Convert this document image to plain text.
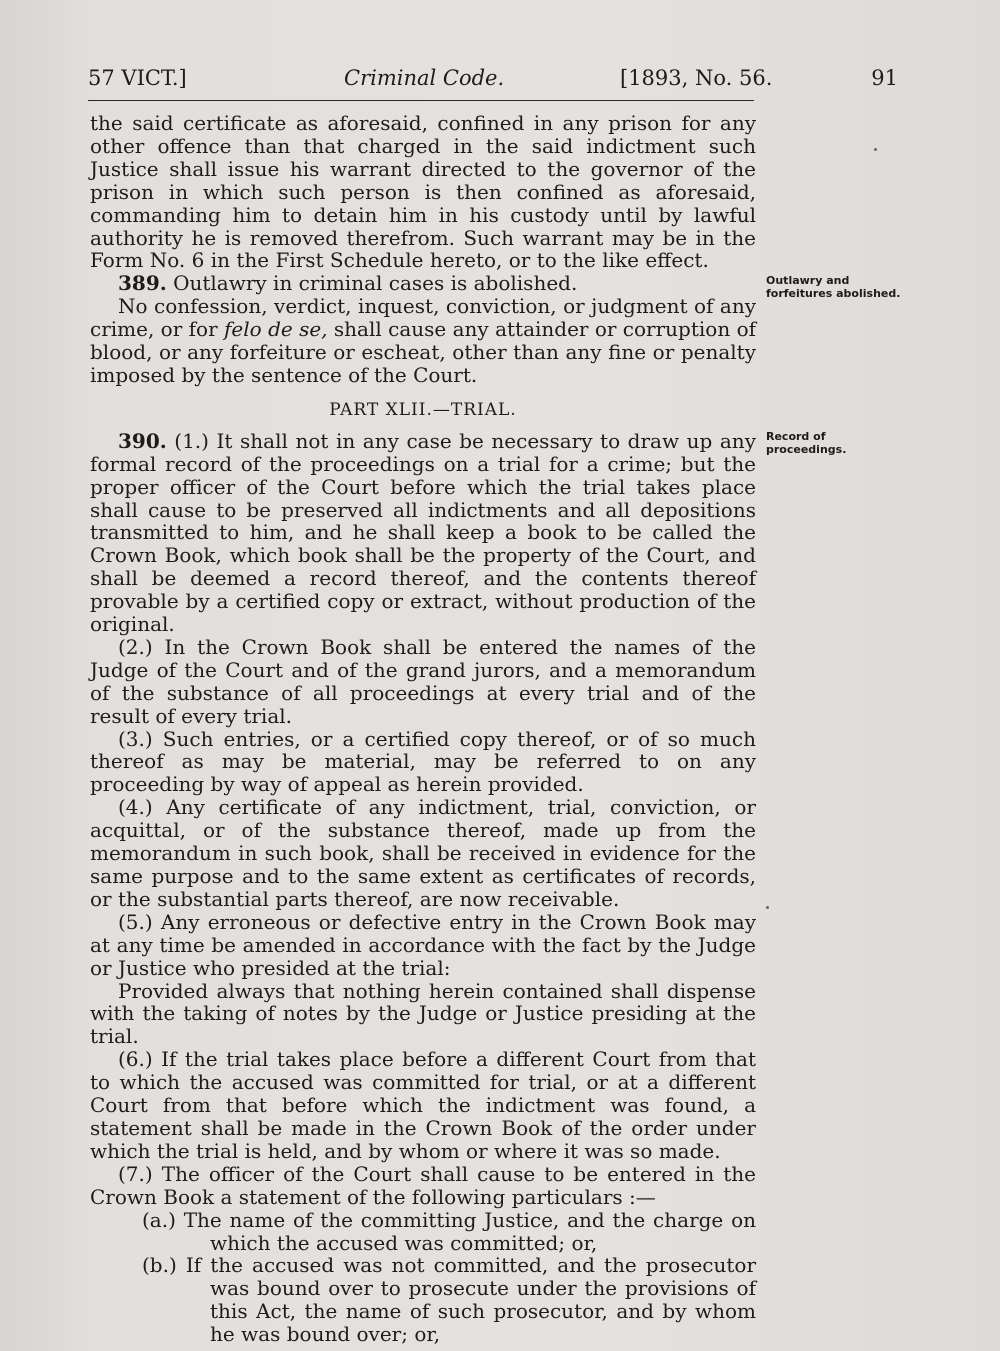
57 VICT.]	Criminal Code.	[1893, No. 56.	91

the said certificate as aforesaid, confined in any prison for any other offence than that charged in the said indictment such Justice shall issue his warrant directed to the governor of the prison in which such person is then confined as aforesaid, commanding him to detain him in his custody until by lawful authority he is removed therefrom. Such warrant may be in the Form No. 6 in the First Schedule hereto, or to the like effect.

389. Outlawry in criminal cases is abolished.

No confession, verdict, inquest, conviction, or judgment of any crime, or for felo de se, shall cause any attainder or corruption of blood, or any forfeiture or escheat, other than any fine or penalty imposed by the sentence of the Court.

PART XLII.—TRIAL.

390. (1.) It shall not in any case be necessary to draw up any formal record of the proceedings on a trial for a crime; but the proper officer of the Court before which the trial takes place shall cause to be preserved all indictments and all depositions transmitted to him, and he shall keep a book to be called the Crown Book, which book shall be the property of the Court, and shall be deemed a record thereof, and the contents thereof provable by a certified copy or extract, without production of the original.

(2.) In the Crown Book shall be entered the names of the Judge of the Court and of the grand jurors, and a memorandum of the substance of all proceedings at every trial and of the result of every trial.

(3.) Such entries, or a certified copy thereof, or of so much thereof as may be material, may be referred to on any proceeding by way of appeal as herein provided.

(4.) Any certificate of any indictment, trial, conviction, or acquittal, or of the substance thereof, made up from the memorandum in such book, shall be received in evidence for the same purpose and to the same extent as certificates of records, or the substantial parts thereof, are now receivable.

(5.) Any erroneous or defective entry in the Crown Book may at any time be amended in accordance with the fact by the Judge or Justice who presided at the trial:

Provided always that nothing herein contained shall dispense with the taking of notes by the Judge or Justice presiding at the trial.

(6.) If the trial takes place before a different Court from that to which the accused was committed for trial, or at a different Court from that before which the indictment was found, a statement shall be made in the Crown Book of the order under which the trial is held, and by whom or where it was so made.

(7.) The officer of the Court shall cause to be entered in the Crown Book a statement of the following particulars :—

(a.) The name of the committing Justice, and the charge on which the accused was committed; or,

(b.) If the accused was not committed, and the prosecutor was bound over to prosecute under the provisions of this Act, the name of such prosecutor, and by whom he was bound over; or,

Outlawry and forfeitures abolished.
Record of proceedings.
